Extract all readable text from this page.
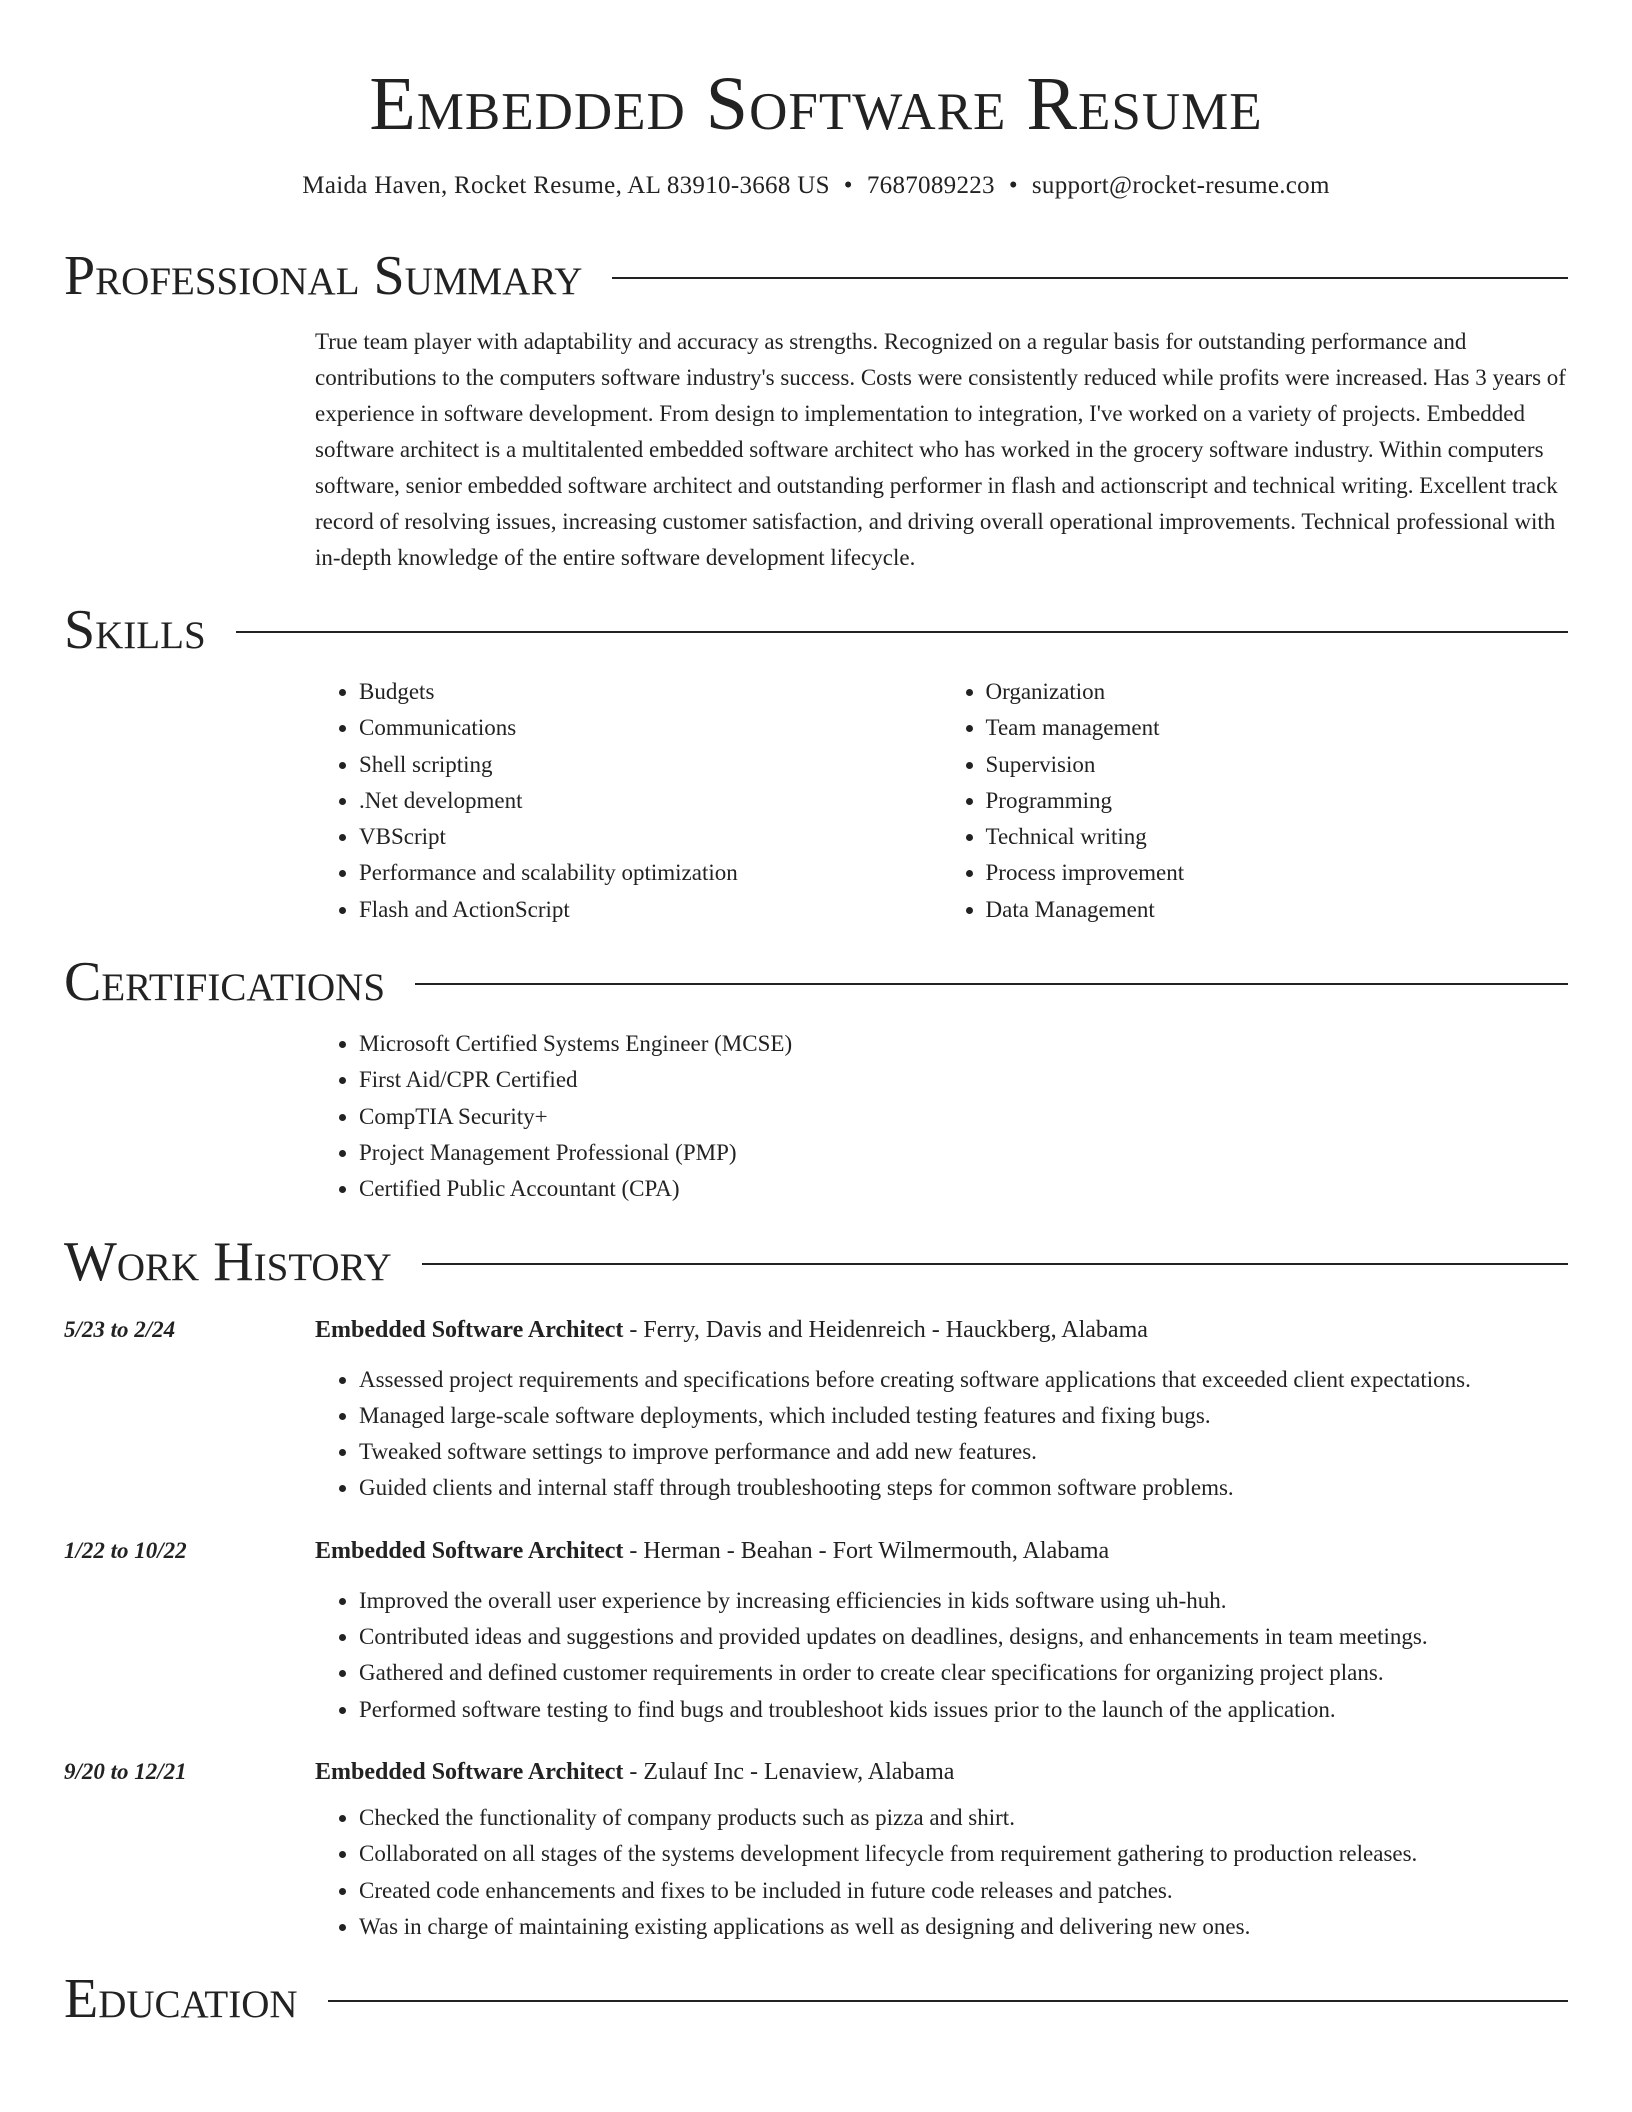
Embedded Software Resume
Maida Haven, Rocket Resume, AL 83910-3668 US • 7687089223 • support@rocket-resume.com
Professional Summary
True team player with adaptability and accuracy as strengths. Recognized on a regular basis for outstanding performance and contributions to the computers software industry's success. Costs were consistently reduced while profits were increased. Has 3 years of experience in software development. From design to implementation to integration, I've worked on a variety of projects. Embedded software architect is a multitalented embedded software architect who has worked in the grocery software industry. Within computers software, senior embedded software architect and outstanding performer in flash and actionscript and technical writing. Excellent track record of resolving issues, increasing customer satisfaction, and driving overall operational improvements. Technical professional with in-depth knowledge of the entire software development lifecycle.
Skills
• Budgets
• Communications
• Shell scripting
• .Net development
• VBScript
• Performance and scalability optimization
• Flash and ActionScript
• Organization
• Team management
• Supervision
• Programming
• Technical writing
• Process improvement
• Data Management
Certifications
• Microsoft Certified Systems Engineer (MCSE)
• First Aid/CPR Certified
• CompTIA Security+
• Project Management Professional (PMP)
• Certified Public Accountant (CPA)
Work History
5/23 to 2/24	Embedded Software Architect - Ferry, Davis and Heidenreich - Hauckberg, Alabama
• Assessed project requirements and specifications before creating software applications that exceeded client expectations.
• Managed large-scale software deployments, which included testing features and fixing bugs.
• Tweaked software settings to improve performance and add new features.
• Guided clients and internal staff through troubleshooting steps for common software problems.
1/22 to 10/22	Embedded Software Architect - Herman - Beahan - Fort Wilmermouth, Alabama
• Improved the overall user experience by increasing efficiencies in kids software using uh-huh.
• Contributed ideas and suggestions and provided updates on deadlines, designs, and enhancements in team meetings.
• Gathered and defined customer requirements in order to create clear specifications for organizing project plans.
• Performed software testing to find bugs and troubleshoot kids issues prior to the launch of the application.
9/20 to 12/21	Embedded Software Architect - Zulauf Inc - Lenaview, Alabama
• Checked the functionality of company products such as pizza and shirt.
• Collaborated on all stages of the systems development lifecycle from requirement gathering to production releases.
• Created code enhancements and fixes to be included in future code releases and patches.
• Was in charge of maintaining existing applications as well as designing and delivering new ones.
Education
